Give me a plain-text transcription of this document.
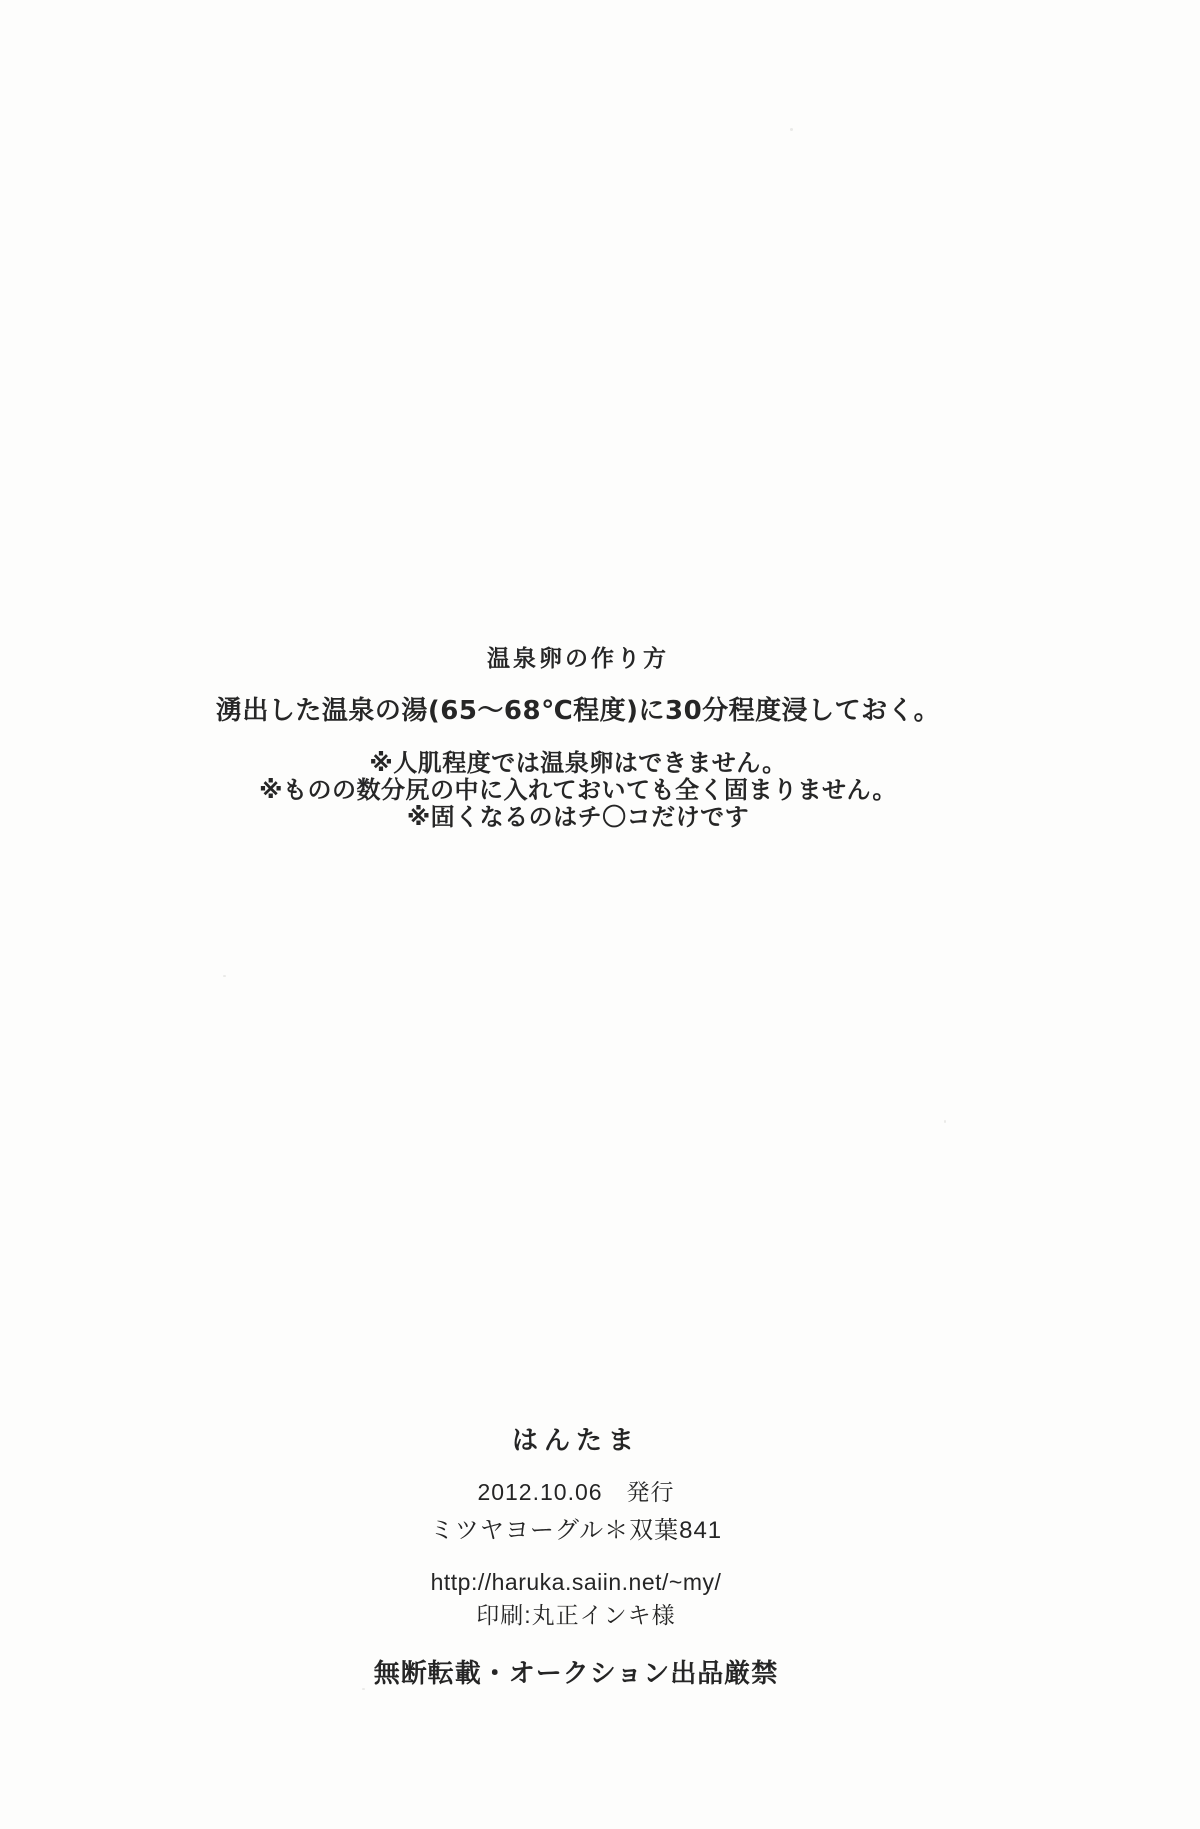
温泉卵の作り方
湧出した温泉の湯(65〜68℃程度)に30分程度浸しておく。
※人肌程度では温泉卵はできません。
※ものの数分尻の中に入れておいても全く固まりません。
※固くなるのはチ〇コだけです
はんたま
2012.10.06　発行
ミツヤヨーグル＊双葉841
http://haruka.saiin.net/~my/
印刷:丸正インキ様
無断転載・オークション出品厳禁
